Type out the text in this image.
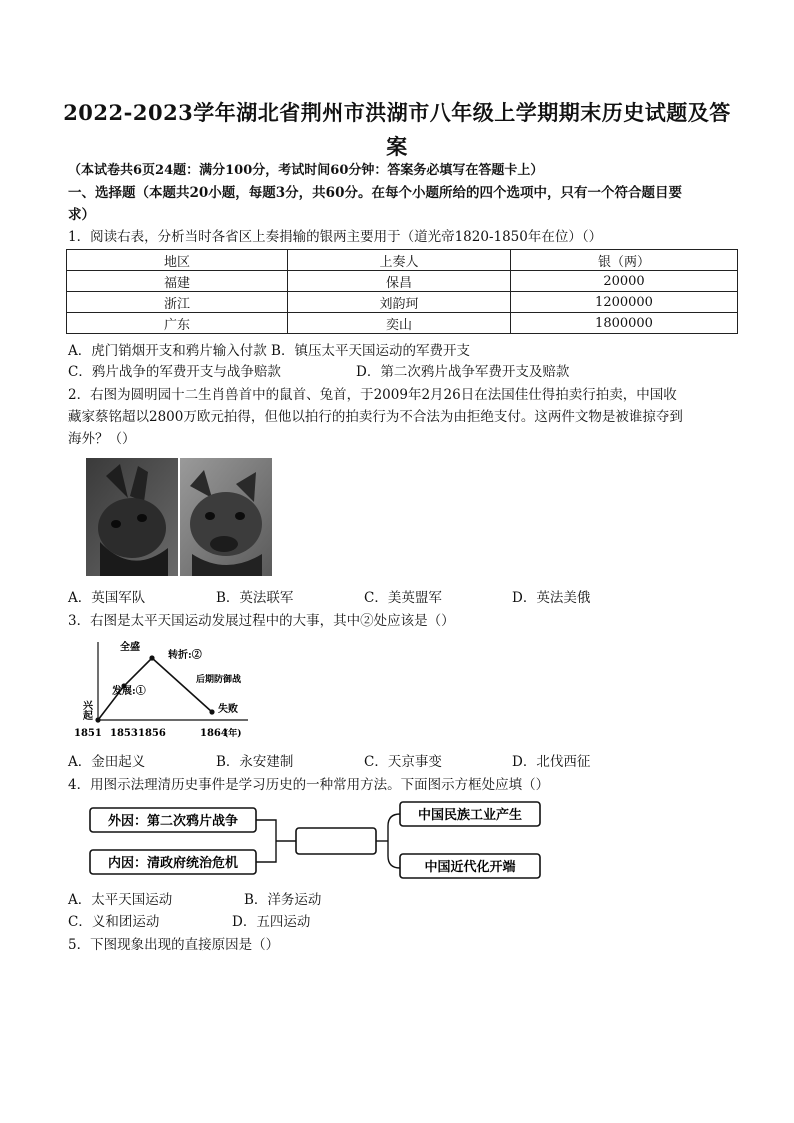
2022-2023学年湖北省荆州市洪湖市八年级上学期期末历史试题及答
案
（本试卷共6页24题：满分100分，考试时间60分钟：答案务必填写在答题卡上）
一、选择题（本题共20小题，每题3分，共60分。在每个小题所给的四个选项中，只有一个符合题目要
求）
1．阅读右表，分析当时各省区上奏捐输的银两主要用于（道光帝1820-1850年在位）（）
地区	上奏人	银（两）
福建	保昌	20000
浙江	刘韵珂	1200000
广东	奕山	1800000
A．虎门销烟开支和鸦片输入付款 B．镇压太平天国运动的军费开支
C．鸦片战争的军费开支与战争赔款	D．第二次鸦片战争军费开支及赔款
2．右图为圆明园十二生肖兽首中的鼠首、兔首，于2009年2月26日在法国佳仕得拍卖行拍卖，中国收
藏家蔡铭超以2800万欧元拍得，但他以拍行的拍卖行为不合法为由拒绝支付。这两件文物是被谁掠夺到
海外？（）
A．英国军队	B．英法联军	C．美英盟军	D．英法美俄
3．右图是太平天国运动发展过程中的大事，其中②处应该是（）
兴起
发展:①
全盛
转折:②
后期防御战
失败
1851 1853 1856	1864
(年)
A．金田起义	B．永安建制	C．天京事变	D．北伐西征
4．用图示法理清历史事件是学习历史的一种常用方法。下面图示方框处应填（）
外因：第二次鸦片战争
内因：清政府统治危机
中国民族工业产生
中国近代化开端
A．太平天国运动	B．洋务运动
C．义和团运动	D．五四运动
5．下图现象出现的直接原因是（）
